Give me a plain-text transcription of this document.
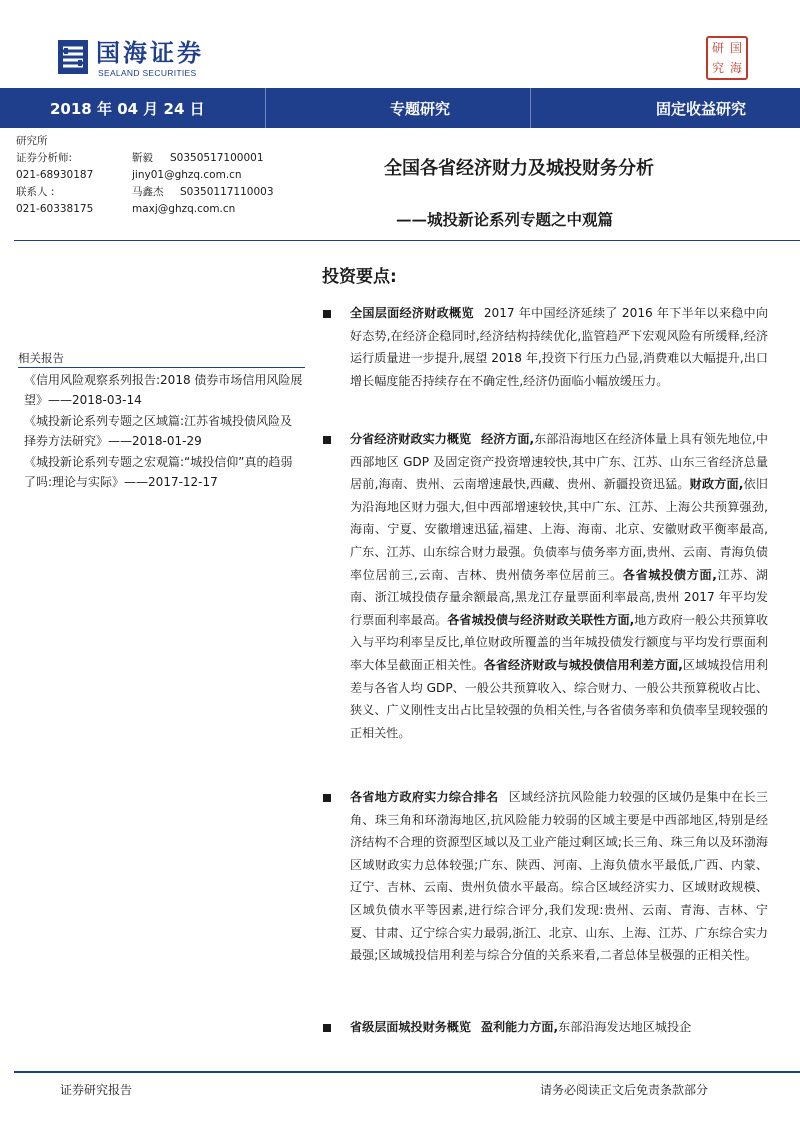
国海证券
SEALAND SECURITIES
研 国
究 海
2018 年 04 月 24 日	专题研究	固定收益研究
研究所
证券分析师:	靳毅 S0350517100001
021-68930187	jiny01@ghzq.com.cn
联系人 :	马鑫杰 S0350117110003
021-60338175	maxj@ghzq.com.cn
全国各省经济财力及城投财务分析
——城投新论系列专题之中观篇
相关报告
《信用风险观察系列报告:2018 债券市场信用风险展望》——2018-03-14
《城投新论系列专题之区域篇:江苏省城投债风险及择券方法研究》——2018-01-29
《城投新论系列专题之宏观篇:“城投信仰”真的趋弱了吗:理论与实际》——2017-12-17
投资要点:
全国层面经济财政概览 2017 年中国经济延续了 2016 年下半年以来稳中向好态势,在经济企稳同时,经济结构持续优化,监管趋严下宏观风险有所缓释,经济运行质量进一步提升,展望 2018 年,投资下行压力凸显,消费难以大幅提升,出口增长幅度能否持续存在不确定性,经济仍面临小幅放缓压力。
分省经济财政实力概览 经济方面,东部沿海地区在经济体量上具有领先地位,中西部地区 GDP 及固定资产投资增速较快,其中广东、江苏、山东三省经济总量居前,海南、贵州、云南增速最快,西藏、贵州、新疆投资迅猛。财政方面,依旧为沿海地区财力强大,但中西部增速较快,其中广东、江苏、上海公共预算强劲,海南、宁夏、安徽增速迅猛,福建、上海、海南、北京、安徽财政平衡率最高,广东、江苏、山东综合财力最强。负债率与债务率方面,贵州、云南、青海负债率位居前三,云南、吉林、贵州债务率位居前三。各省城投债方面,江苏、湖南、浙江城投债存量余额最高,黑龙江存量票面利率最高,贵州 2017 年平均发行票面利率最高。各省城投债与经济财政关联性方面,地方政府一般公共预算收入与平均利率呈反比,单位财政所覆盖的当年城投债发行额度与平均发行票面利率大体呈截面正相关性。各省经济财政与城投债信用利差方面,区域城投信用利差与各省人均 GDP、一般公共预算收入、综合财力、一般公共预算税收占比、狭义、广义刚性支出占比呈较强的负相关性,与各省债务率和负债率呈现较强的正相关性。
各省地方政府实力综合排名 区域经济抗风险能力较强的区域仍是集中在长三角、珠三角和环渤海地区,抗风险能力较弱的区域主要是中西部地区,特别是经济结构不合理的资源型区域以及工业产能过剩区域;长三角、珠三角以及环渤海区域财政实力总体较强;广东、陕西、河南、上海负债水平最低,广西、内蒙、辽宁、吉林、云南、贵州负债水平最高。综合区域经济实力、区域财政规模、区域负债水平等因素,进行综合评分,我们发现:贵州、云南、青海、吉林、宁夏、甘肃、辽宁综合实力最弱,浙江、北京、山东、上海、江苏、广东综合实力最强;区域城投信用利差与综合分值的关系来看,二者总体呈极强的正相关性。
省级层面城投财务概览 盈利能力方面,东部沿海发达地区城投企
证券研究报告	请务必阅读正文后免责条款部分
